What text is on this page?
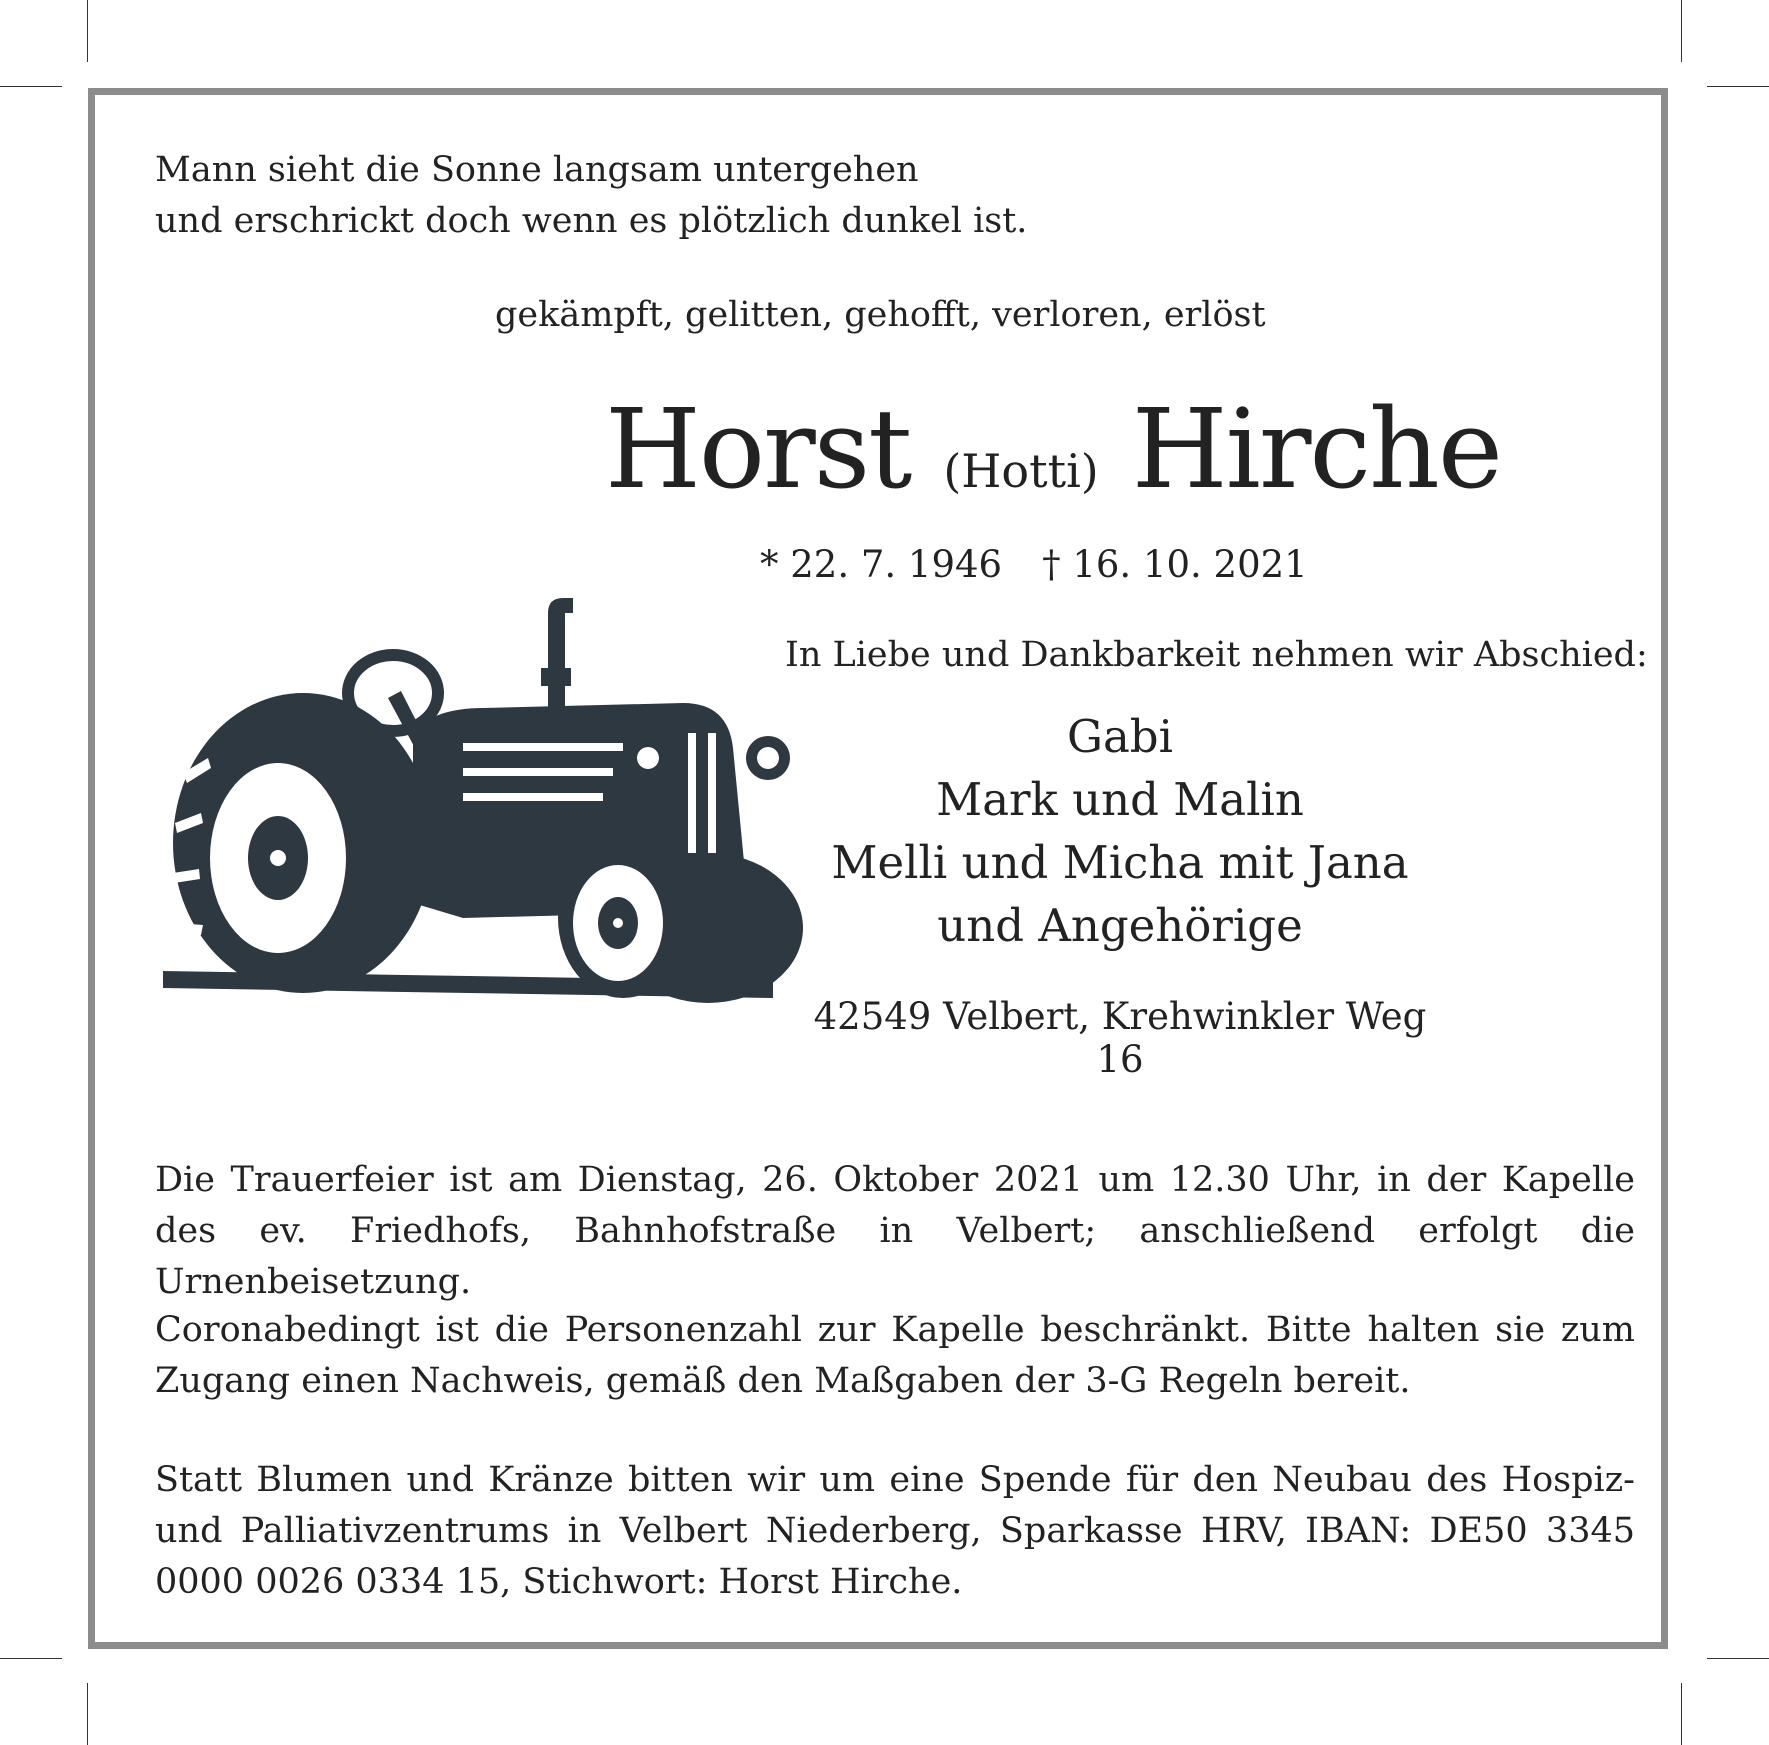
Mann sieht die Sonne langsam untergehen
und erschrickt doch wenn es plötzlich dunkel ist.
gekämpft, gelitten, gehofft, verloren, erlöst
Horst (Hotti) Hirche
* 22. 7. 1946 † 16. 10. 2021
In Liebe und Dankbarkeit nehmen wir Abschied:
Gabi
Mark und Malin
Melli und Micha mit Jana
und Angehörige
42549 Velbert, Krehwinkler Weg 16
Die Trauerfeier ist am Dienstag, 26. Oktober 2021 um 12.30 Uhr, in der Kapelle des ev. Friedhofs, Bahnhofstraße in Velbert; anschließend erfolgt die Urnenbeisetzung.
Coronabedingt ist die Personenzahl zur Kapelle beschränkt. Bitte halten sie zum Zugang einen Nachweis, gemäß den Maßgaben der 3-G Regeln bereit.
Statt Blumen und Kränze bitten wir um eine Spende für den Neubau des Hospiz- und Palliativzentrums in Velbert Niederberg, Sparkasse HRV, IBAN: DE50 3345 0000 0026 0334 15, Stichwort: Horst Hirche.
